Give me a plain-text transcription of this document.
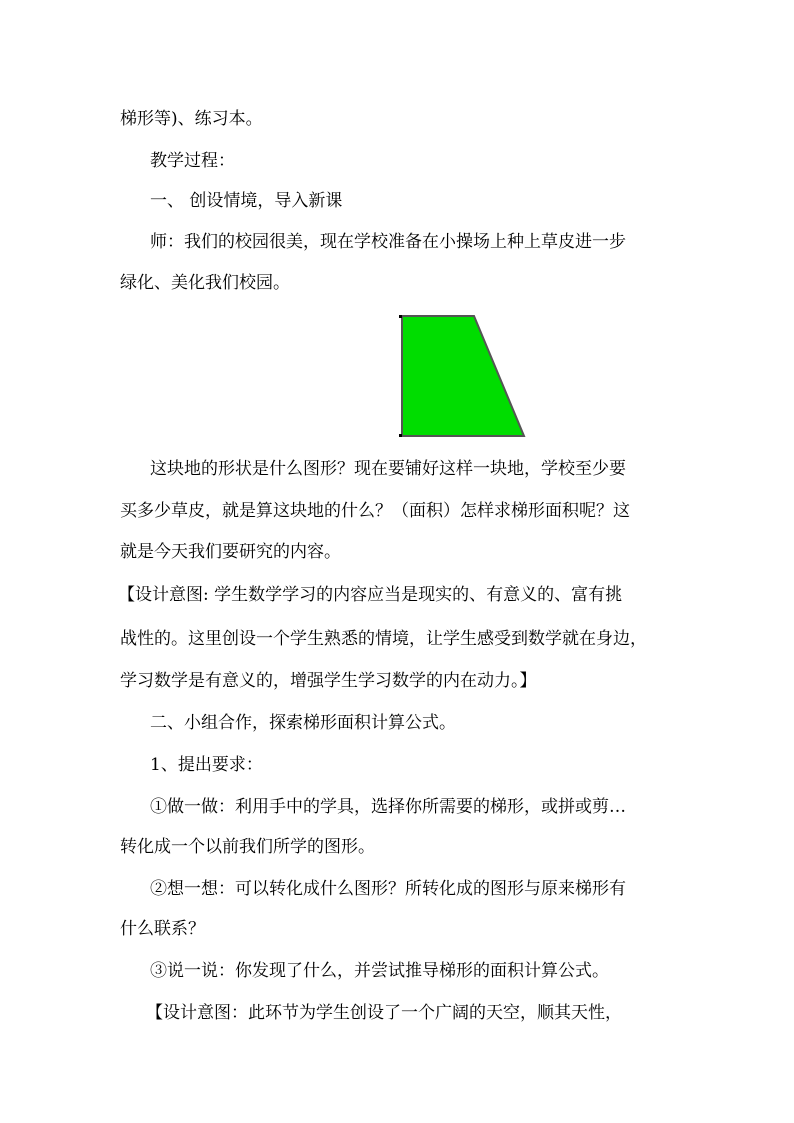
梯形等)、练习本。
教学过程：
一、 创设情境，导入新课
师：我们的校园很美，现在学校准备在小操场上种上草皮进一步
绿化、美化我们校园。
这块地的形状是什么图形？现在要铺好这样一块地，学校至少要
买多少草皮，就是算这块地的什么？（面积）怎样求梯形面积呢？这
就是今天我们要研究的内容。
【设计意图: 学生数学学习的内容应当是现实的、有意义的、富有挑
战性的。这里创设一个学生熟悉的情境，让学生感受到数学就在身边，
学习数学是有意义的，增强学生学习数学的内在动力。】
二、小组合作，探索梯形面积计算公式。
1、提出要求：
①做一做：利用手中的学具，选择你所需要的梯形，或拼或剪…
转化成一个以前我们所学的图形。
②想一想：可以转化成什么图形？所转化成的图形与原来梯形有
什么联系？
③说一说：你发现了什么，并尝试推导梯形的面积计算公式。
【设计意图：此环节为学生创设了一个广阔的天空，顺其天性，
